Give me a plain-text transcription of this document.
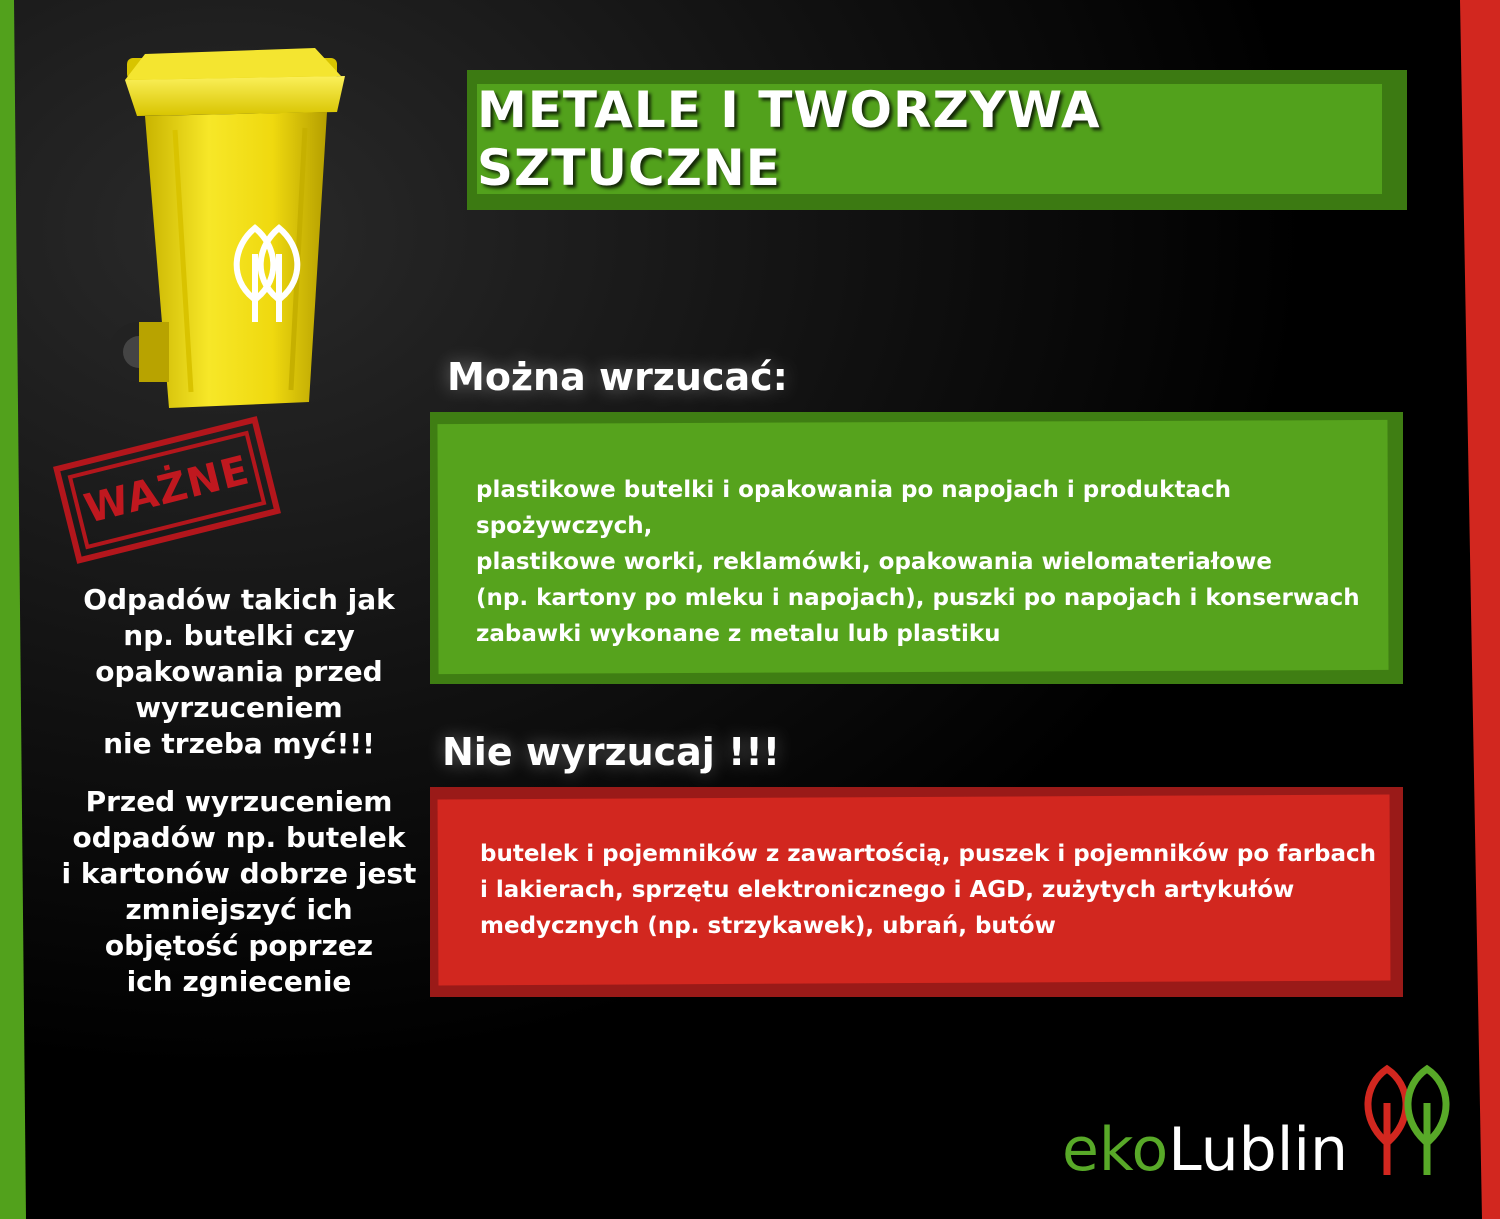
WAŻNE

Odpadów takich jak
np. butelki czy
opakowania przed
wyrzuceniem
nie trzeba myć!!!

Przed wyrzuceniem
odpadów np. butelek
i kartonów dobrze jest
zmniejszyć ich
objętość poprzez
ich zgniecenie

METALE I TWORZYWA SZTUCZNE
Można wrzucać:
plastikowe butelki i opakowania po napojach i produktach spożywczych,
plastikowe worki, reklamówki, opakowania wielomateriałowe
(np. kartony po mleku i napojach), puszki po napojach i konserwach
zabawki wykonane z metalu lub plastiku
Nie wyrzucaj !!!
butelek i pojemników z zawartością, puszek i pojemników po farbach
i lakierach, sprzętu elektronicznego i AGD, zużytych artykułów
medycznych (np. strzykawek), ubrań, butów
ekoLublin
